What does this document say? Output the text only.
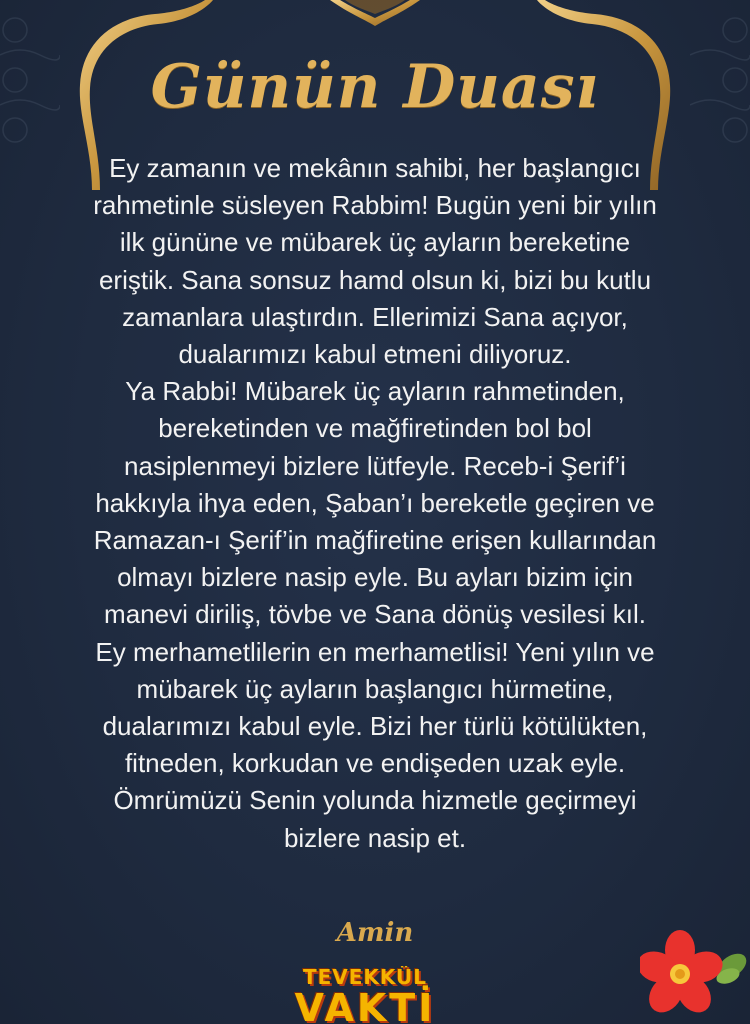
Günün Duası

Ey zamanın ve mekânın sahibi, her başlangıcı
rahmetinle süsleyen Rabbim! Bugün yeni bir yılın
ilk gününe ve mübarek üç ayların bereketine
eriştik. Sana sonsuz hamd olsun ki, bizi bu kutlu
zamanlara ulaştırdın. Ellerimizi Sana açıyor,
dualarımızı kabul etmeni diliyoruz.
Ya Rabbi! Mübarek üç ayların rahmetinden,
bereketinden ve mağfiretinden bol bol
nasiplenmeyi bizlere lütfeyle. Receb-i Şerif’i
hakkıyla ihya eden, Şaban’ı bereketle geçiren ve
Ramazan-ı Şerif’in mağfiretine erişen kullarından
olmayı bizlere nasip eyle. Bu ayları bizim için
manevi diriliş, tövbe ve Sana dönüş vesilesi kıl.
Ey merhametlilerin en merhametlisi! Yeni yılın ve
mübarek üç ayların başlangıcı hürmetine,
dualarımızı kabul eyle. Bizi her türlü kötülükten,
fitneden, korkudan ve endişeden uzak eyle.
Ömrümüzü Senin yolunda hizmetle geçirmeyi
bizlere nasip et.

Amin
TEVEKKÜL
VAKTİ
